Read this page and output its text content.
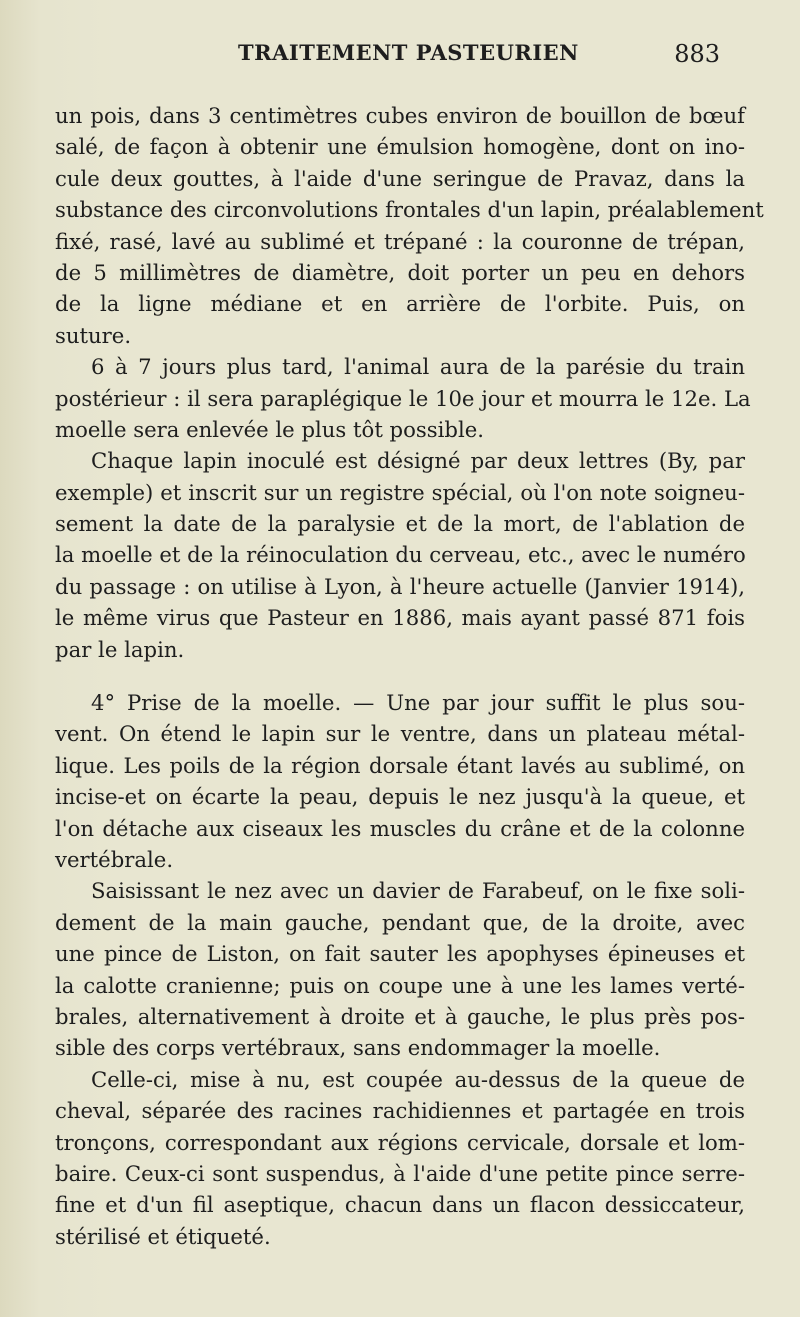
TRAITEMENT PASTEURIEN	883
un pois, dans 3 centimètres cubes environ de bouillon de bœuf
salé, de façon à obtenir une émulsion homogène, dont on ino-
cule deux gouttes, à l'aide d'une seringue de Pravaz, dans la
substance des circonvolutions frontales d'un lapin, préalablement
fixé, rasé, lavé au sublimé et trépané : la couronne de trépan,
de 5 millimètres de diamètre, doit porter un peu en dehors
de la ligne médiane et en arrière de l'orbite. Puis, on
suture.
6 à 7 jours plus tard, l'animal aura de la parésie du train
postérieur : il sera paraplégique le 10e jour et mourra le 12e. La
moelle sera enlevée le plus tôt possible.
Chaque lapin inoculé est désigné par deux lettres (By, par
exemple) et inscrit sur un registre spécial, où l'on note soigneu-
sement la date de la paralysie et de la mort, de l'ablation de
la moelle et de la réinoculation du cerveau, etc., avec le numéro
du passage : on utilise à Lyon, à l'heure actuelle (Janvier 1914),
le même virus que Pasteur en 1886, mais ayant passé 871 fois
par le lapin.
4° Prise de la moelle. — Une par jour suffit le plus sou-
vent. On étend le lapin sur le ventre, dans un plateau métal-
lique. Les poils de la région dorsale étant lavés au sublimé, on
incise-et on écarte la peau, depuis le nez jusqu'à la queue, et
l'on détache aux ciseaux les muscles du crâne et de la colonne
vertébrale.
Saisissant le nez avec un davier de Farabeuf, on le fixe soli-
dement de la main gauche, pendant que, de la droite, avec
une pince de Liston, on fait sauter les apophyses épineuses et
la calotte cranienne; puis on coupe une à une les lames verté-
brales, alternativement à droite et à gauche, le plus près pos-
sible des corps vertébraux, sans endommager la moelle.
Celle-ci, mise à nu, est coupée au-dessus de la queue de
cheval, séparée des racines rachidiennes et partagée en trois
tronçons, correspondant aux régions cervicale, dorsale et lom-
baire. Ceux-ci sont suspendus, à l'aide d'une petite pince serre-
fine et d'un fil aseptique, chacun dans un flacon dessiccateur,
stérilisé et étiqueté.
